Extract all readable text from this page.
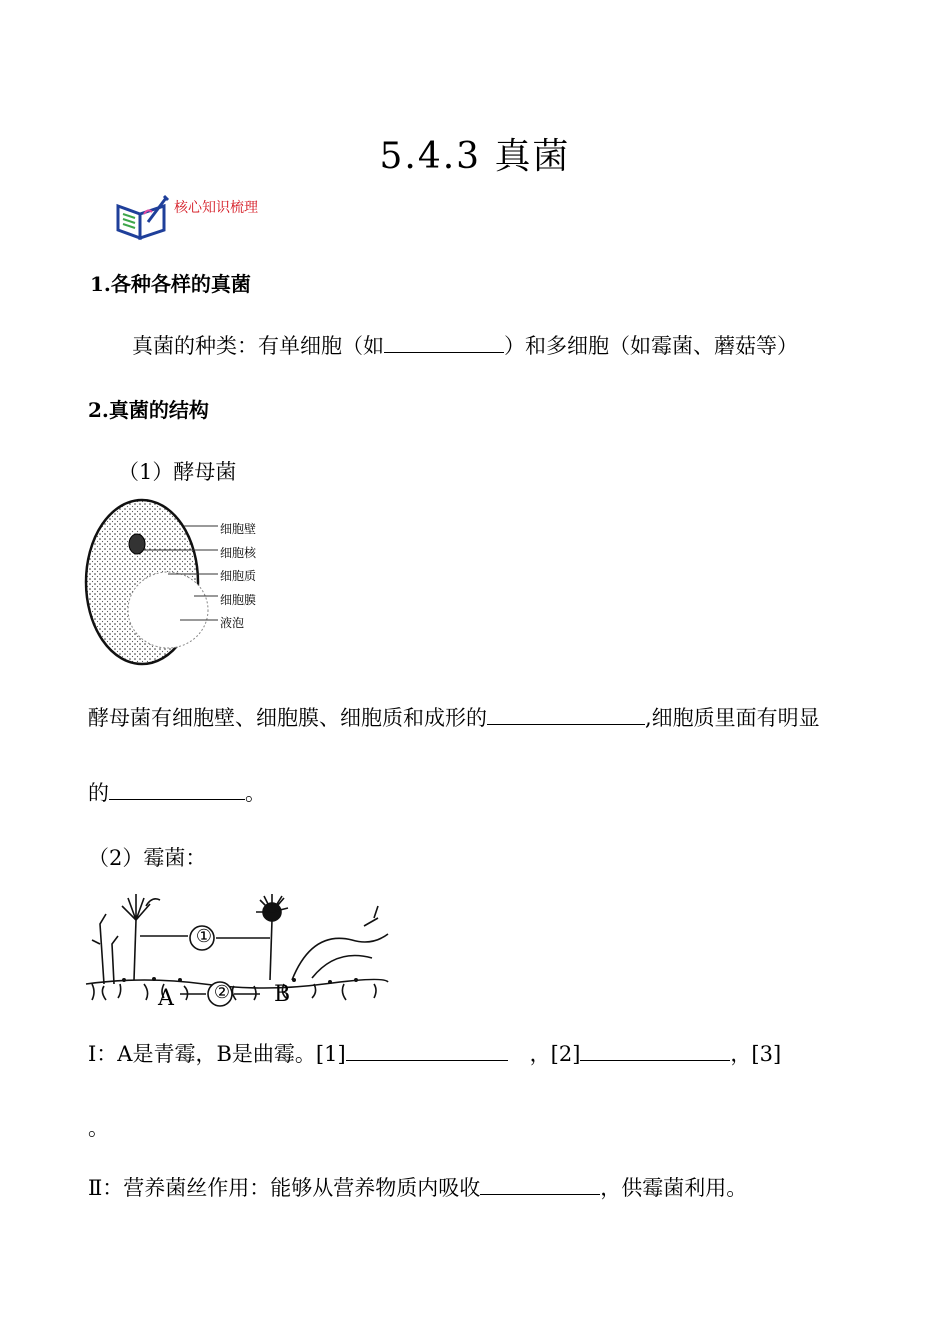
5.4.3 真菌
核心知识梳理
1.各种各样的真菌
真菌的种类：有单细胞（如	）和多细胞（如霉菌、蘑菇等）
2.真菌的结构
（1）酵母菌
细胞壁
细胞核
细胞质
细胞膜
液泡
酵母菌有细胞壁、细胞膜、细胞质和成形的	,细胞质里面有明显
的	。
（2）霉菌：
①
②
A	B
Ⅰ：A是青霉，B是曲霉。[1]	，[2]	，[3]
。
Ⅱ：营养菌丝作用：能够从营养物质内吸收	，供霉菌利用。
